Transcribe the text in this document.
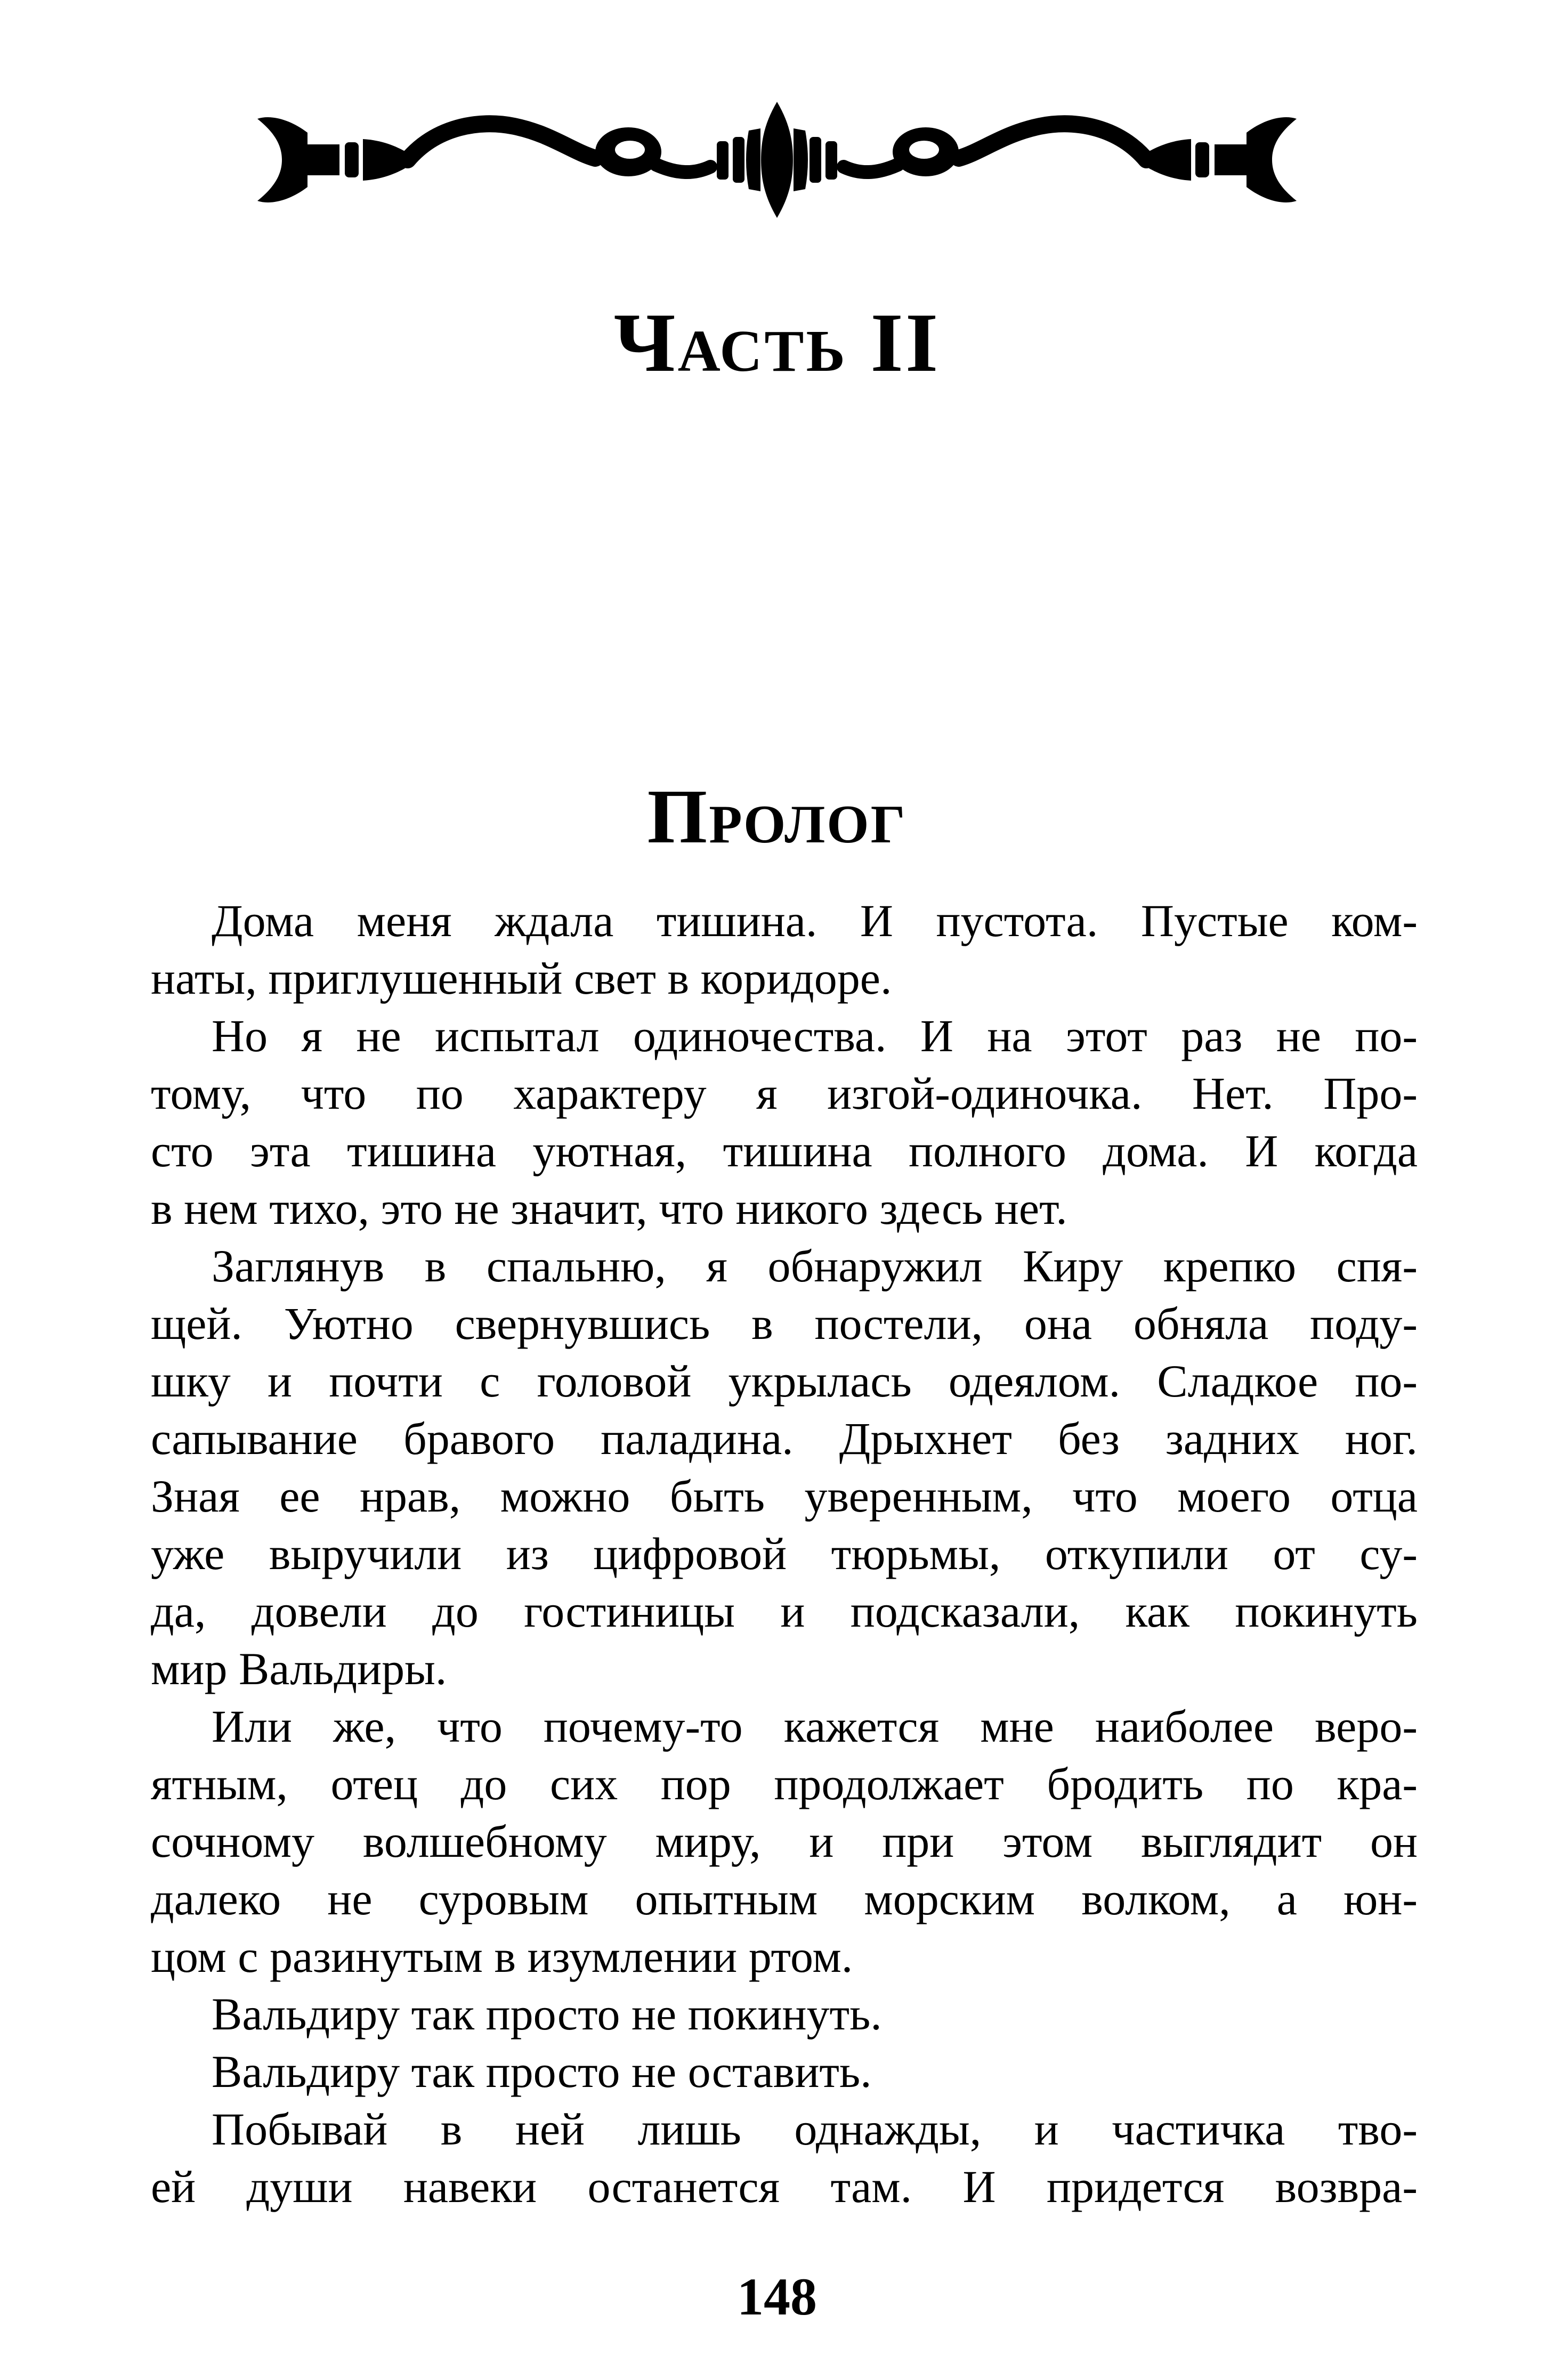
Часть II
Пролог
Дома меня ждала тишина. И пустота. Пустые ком-
наты, приглушенный свет в коридоре.
Но я не испытал одиночества. И на этот раз не по-
тому, что по характеру я изгой-одиночка. Нет. Про-
сто эта тишина уютная, тишина полного дома. И когда
в нем тихо, это не значит, что никого здесь нет.
Заглянув в спальню, я обнаружил Киру крепко спя-
щей. Уютно свернувшись в постели, она обняла поду-
шку и почти с головой укрылась одеялом. Сладкое по-
сапывание бравого паладина. Дрыхнет без задних ног.
Зная ее нрав, можно быть уверенным, что моего отца
уже выручили из цифровой тюрьмы, откупили от су-
да, довели до гостиницы и подсказали, как покинуть
мир Вальдиры.
Или же, что почему-то кажется мне наиболее веро-
ятным, отец до сих пор продолжает бродить по кра-
сочному волшебному миру, и при этом выглядит он
далеко не суровым опытным морским волком, а юн-
цом с разинутым в изумлении ртом.
Вальдиру так просто не покинуть.
Вальдиру так просто не оставить.
Побывай в ней лишь однажды, и частичка тво-
ей души навеки останется там. И придется возвра-
148
